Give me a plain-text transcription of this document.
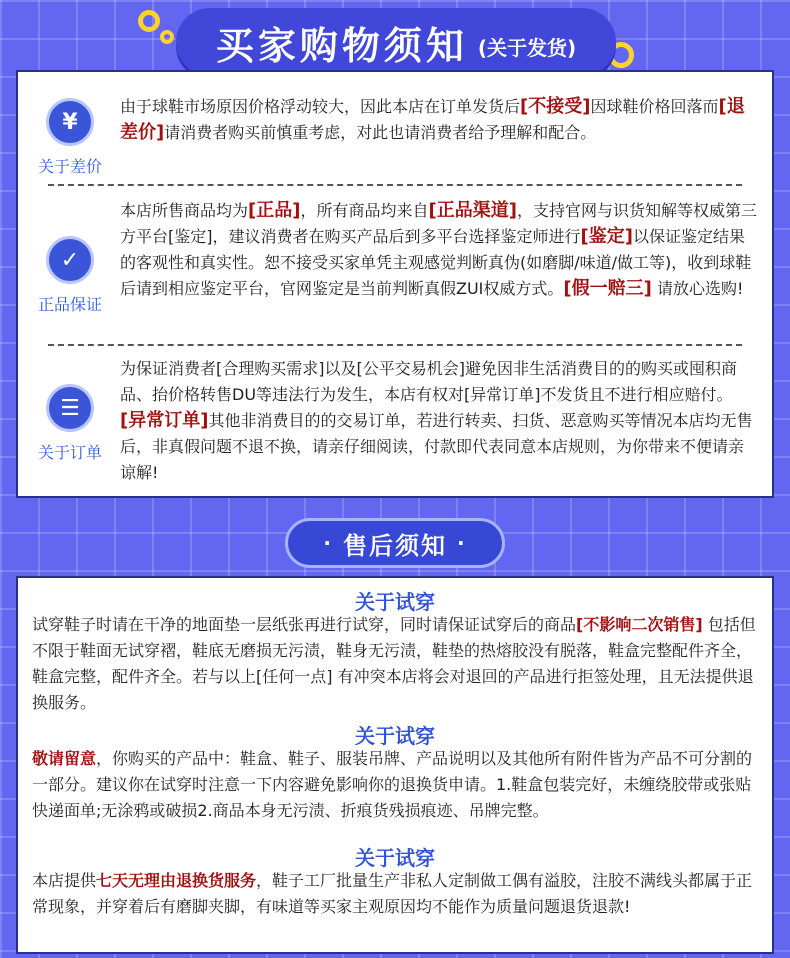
买家购物须知 (关于发货)
¥
关于差价
由于球鞋市场原因价格浮动较大，因此本店在订单发货后[不接受]因球鞋价格回落而[退差价]请消费者购买前慎重考虑，对此也请消费者给予理解和配合。
✓
正品保证
本店所售商品均为[正品]，所有商品均来自[正品渠道]，支持官网与识货知解等权威第三方平台[鉴定]，建议消费者在购买产品后到多平台选择鉴定师进行[鉴定]以保证鉴定结果的客观性和真实性。恕不接受买家单凭主观感觉判断真伪(如磨脚/味道/做工等)，收到球鞋后请到相应鉴定平台，官网鉴定是当前判断真假ZUI权威方式。[假一赔三] 请放心选购!
☰
关于订单
为保证消费者[合理购买需求]以及[公平交易机会]避免因非生活消费目的的购买或囤积商品、抬价格转售DU等违法行为发生，本店有权对[异常订单]不发货且不进行相应赔付。[异常订单]其他非消费目的的交易订单，若进行转卖、扫货、恶意购买等情况本店均无售后，非真假问题不退不换，请亲仔细阅读，付款即代表同意本店规则，为你带来不便请亲谅解!
· 售后须知 ·
关于试穿
试穿鞋子时请在干净的地面垫一层纸张再进行试穿，同时请保证试穿后的商品[不影响二次销售] 包括但不限于鞋面无试穿褶，鞋底无磨损无污渍，鞋身无污渍，鞋垫的热熔胶没有脱落，鞋盒完整配件齐全，鞋盒完整，配件齐全。若与以上[任何一点] 有冲突本店将会对退回的产品进行拒签处理，且无法提供退换服务。
关于试穿
敬请留意，你购买的产品中：鞋盒、鞋子、服装吊牌、产品说明以及其他所有附件皆为产品不可分割的一部分。建议你在试穿时注意一下内容避免影响你的退换货申请。1.鞋盒包装完好，未缠绕胶带或张贴快递面单;无涂鸦或破损2.商品本身无污渍、折痕货残损痕迹、吊牌完整。
关于试穿
本店提供七天无理由退换货服务，鞋子工厂批量生产非私人定制做工偶有溢胶，注胶不满线头都属于正常现象，并穿着后有磨脚夹脚，有味道等买家主观原因均不能作为质量问题退货退款!
